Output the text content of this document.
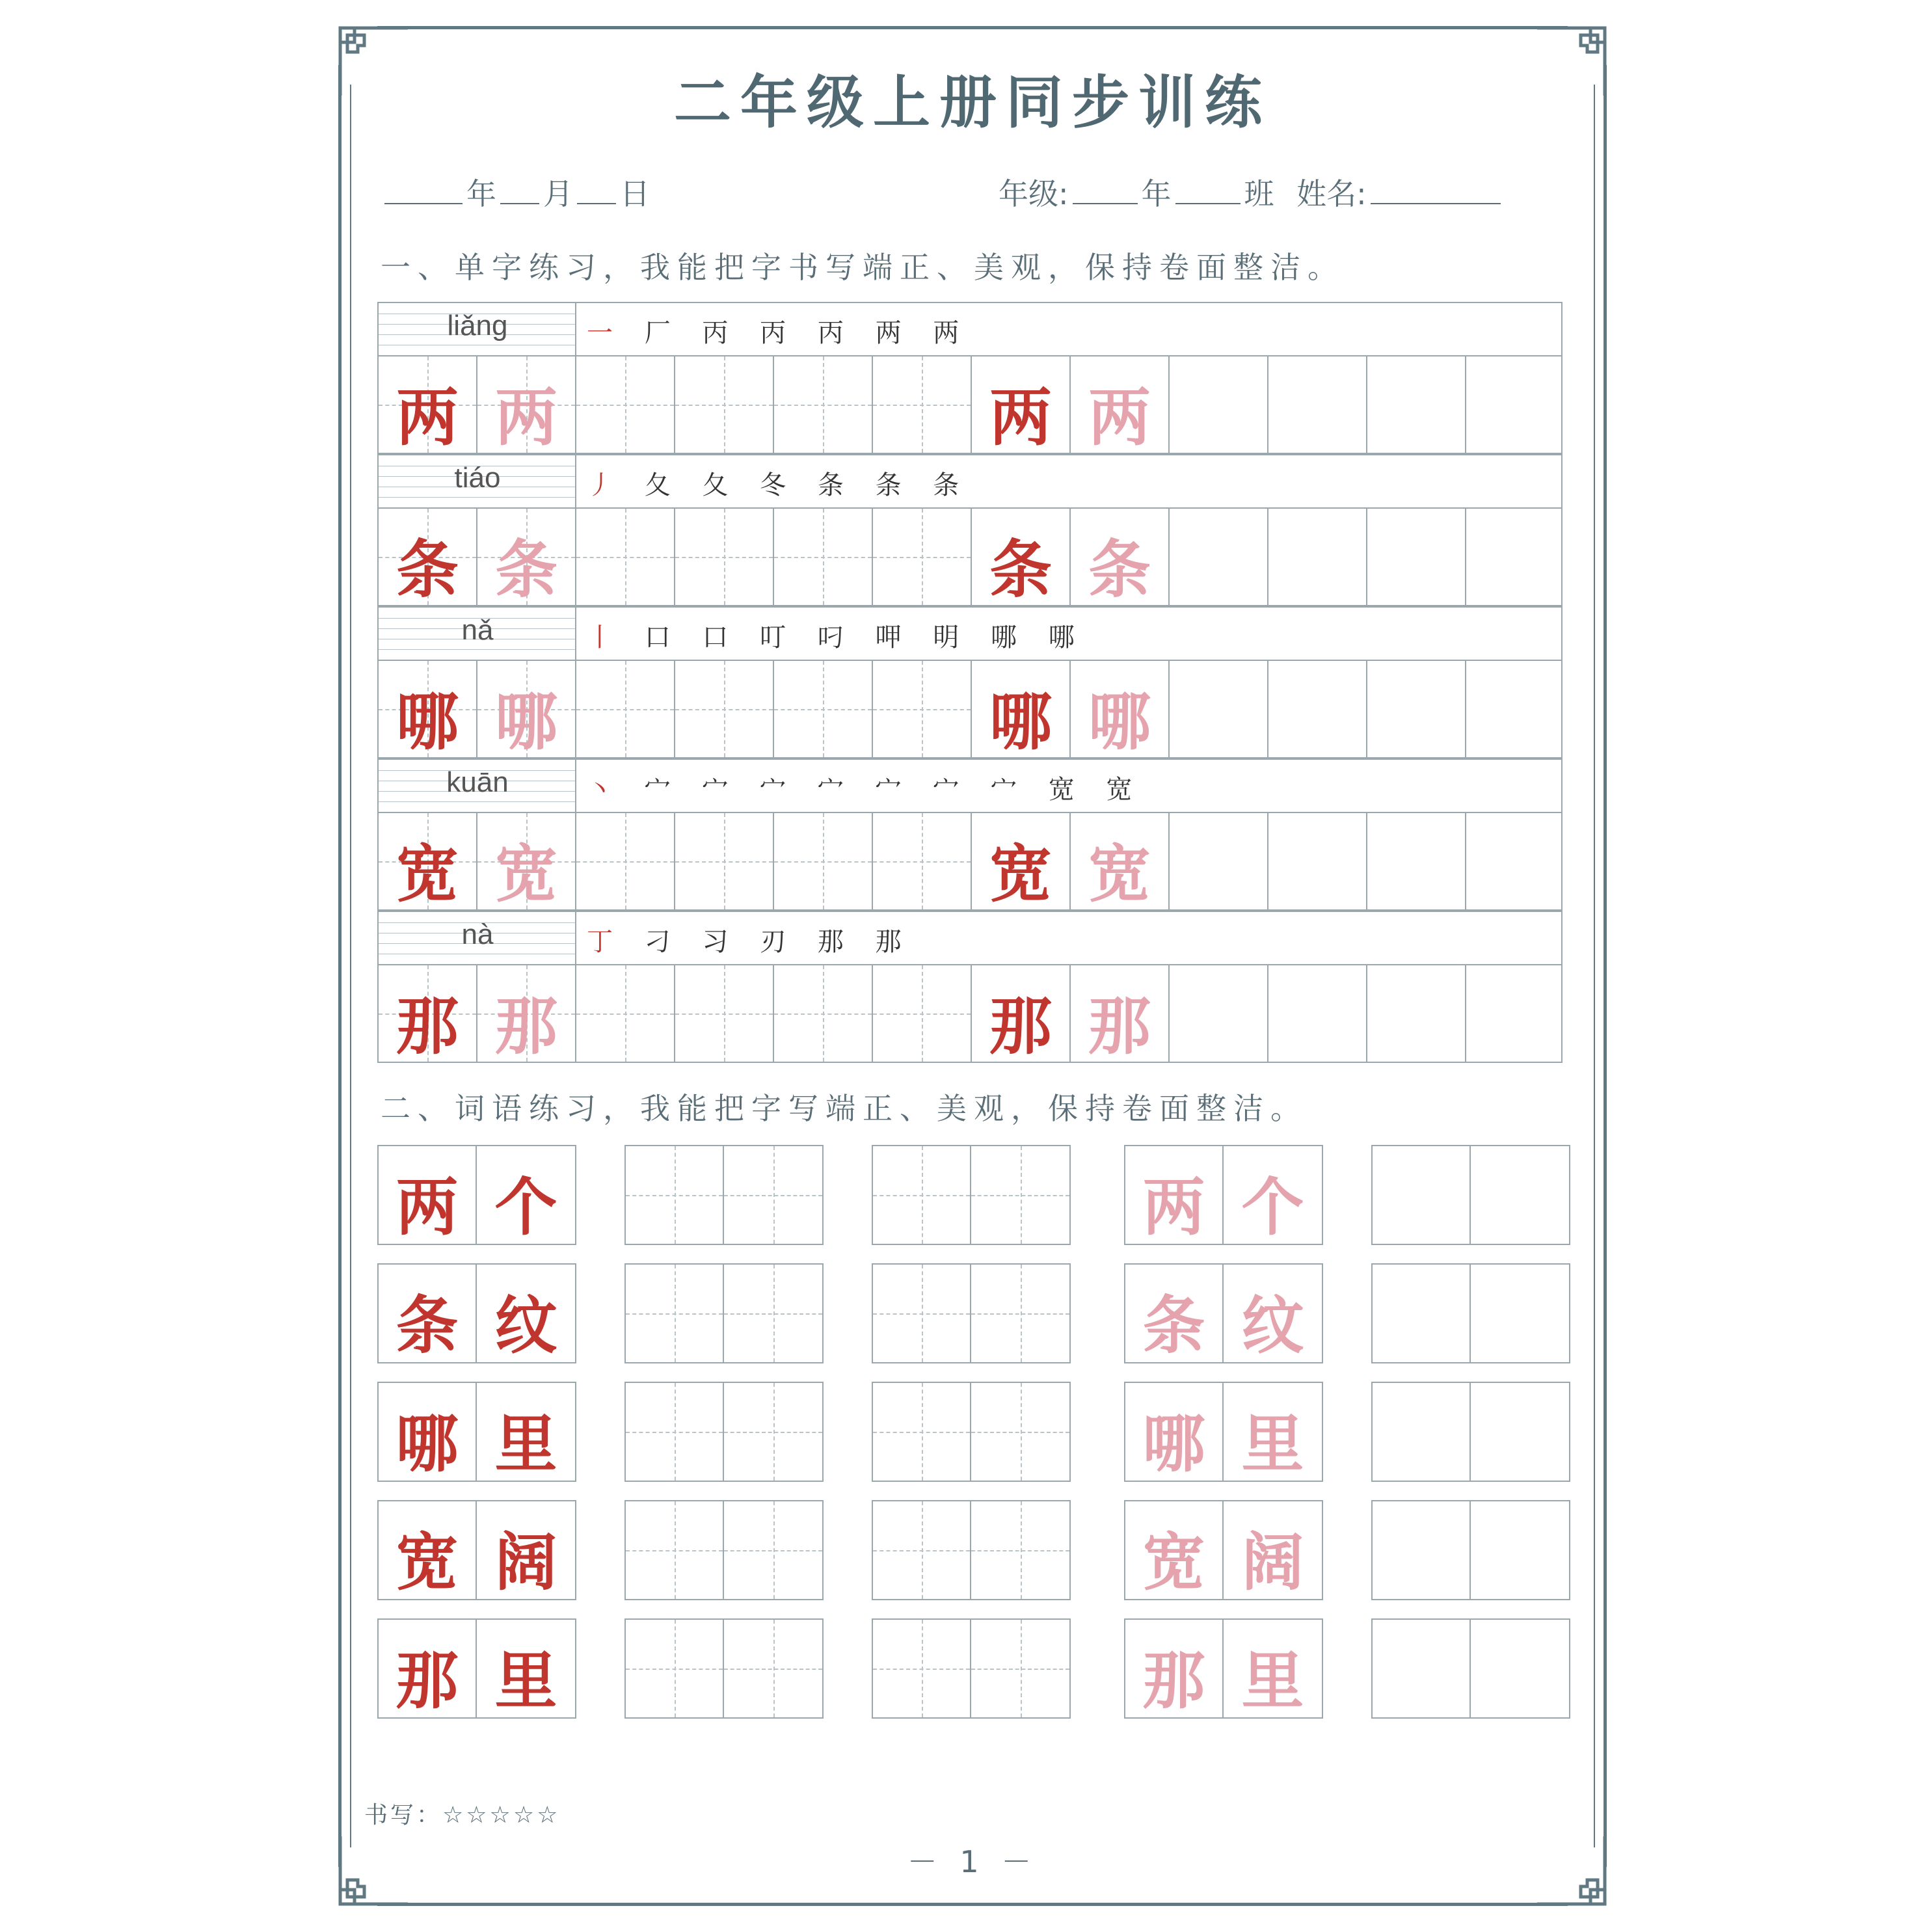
二年级上册同步训练
年 月 日	年级: 年 班 姓名:
一、单字练习，我能把字书写端正、美观，保持卷面整洁。
liǎng	一 厂 丙 丙 丙 两 两
两 两	两 两
tiáo	丿 夂 夂 冬 条 条 条
条 条	条 条
nǎ	丨 口 口 叮 叼 呷 明 哪 哪
哪 哪	哪 哪
kuān	丶 宀 宀 宀 宀 宀 宀 宀 宽 宽
宽 宽	宽 宽
nà	丁 刁 习 刃 那 那
那 那	那 那
二、词语练习，我能把字写端正、美观，保持卷面整洁。
两 个	两 个
条 纹	条 纹
哪 里	哪 里
宽 阔	宽 阔
那 里	那 里
书写：☆☆☆☆☆
－ 1 －
